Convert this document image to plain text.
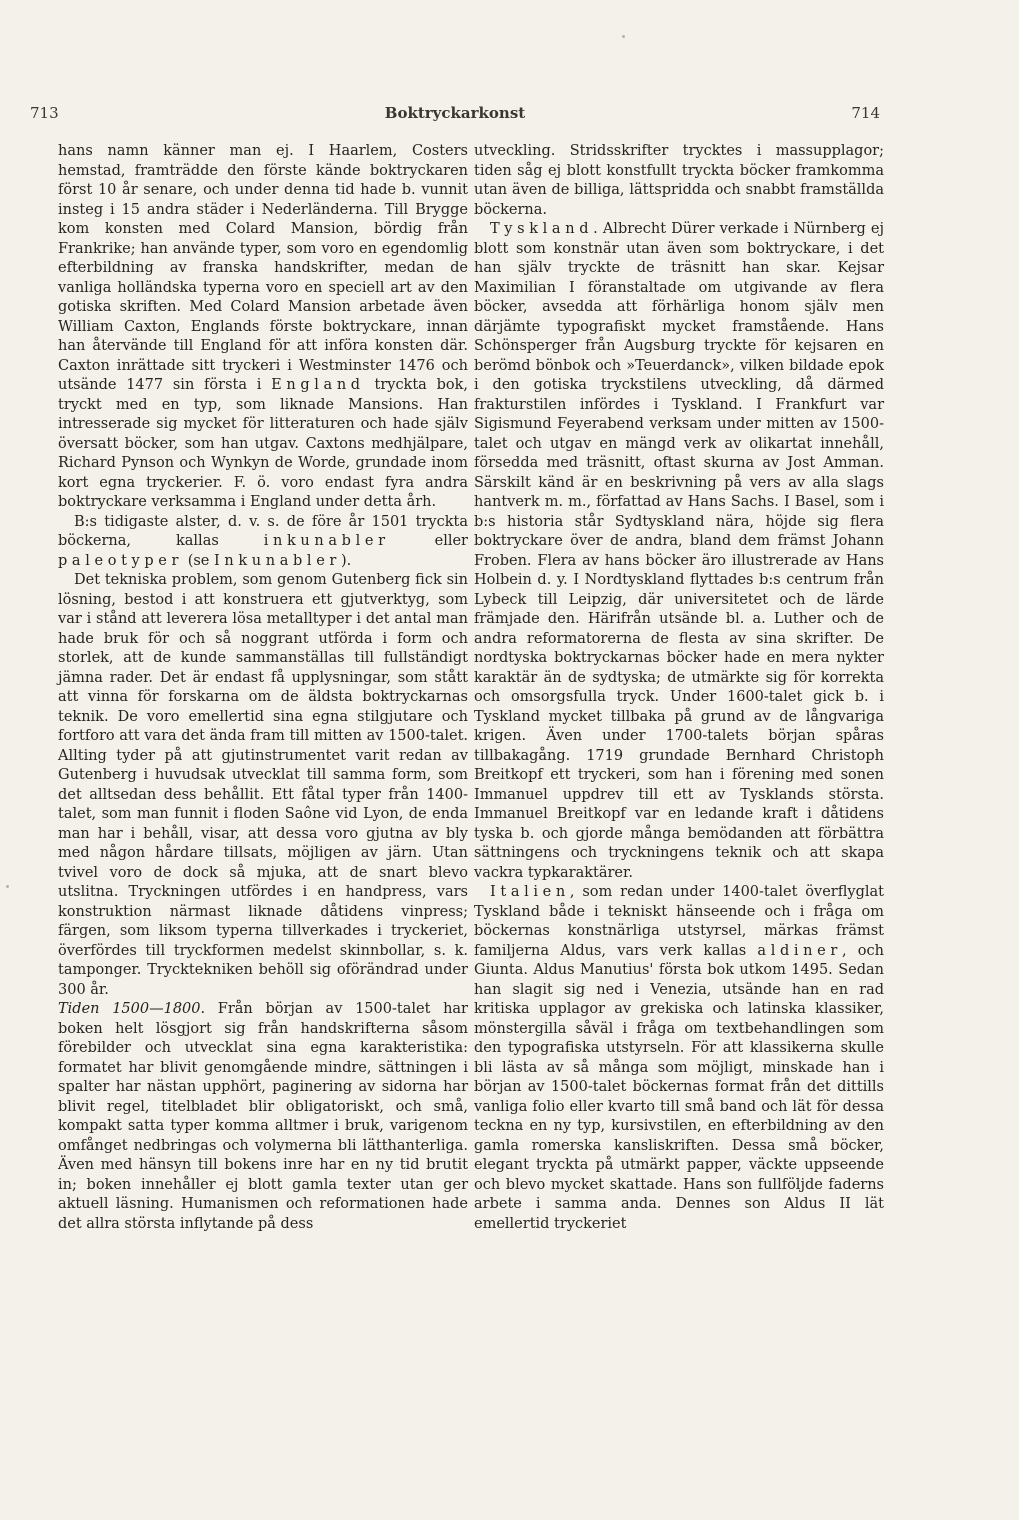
713	Boktryckarkonst	714

hans namn känner man ej. I Haarlem, Costers hemstad, framträdde den förste kände boktryckaren först 10 år senare, och under denna tid hade b. vunnit insteg i 15 andra städer i Nederländerna. Till Brygge kom konsten med Colard Mansion, bördig från Frankrike; han använde typer, som voro en egendomlig efterbildning av franska handskrifter, medan de vanliga holländska typerna voro en speciell art av den gotiska skriften. Med Colard Mansion arbetade även William Caxton, Englands förste boktryckare, innan han återvände till England för att införa konsten där. Caxton inrättade sitt tryckeri i Westminster 1476 och utsände 1477 sin första i England tryckta bok, tryckt med en typ, som liknade Mansions. Han intresserade sig mycket för litteraturen och hade själv översatt böcker, som han utgav. Caxtons medhjälpare, Richard Pynson och Wynkyn de Worde, grundade inom kort egna tryckerier. F. ö. voro endast fyra andra boktryckare verksamma i England under detta årh.

B:s tidigaste alster, d. v. s. de före år 1501 tryckta böckerna, kallas inkunabler eller paleotyper (se Inkunabler).

Det tekniska problem, som genom Gutenberg fick sin lösning, bestod i att konstruera ett gjutverktyg, som var i stånd att leverera lösa metalltyper i det antal man hade bruk för och så noggrant utförda i form och storlek, att de kunde sammanställas till fullständigt jämna rader. Det är endast få upplysningar, som stått att vinna för forskarna om de äldsta boktryckarnas teknik. De voro emellertid sina egna stilgjutare och fortforo att vara det ända fram till mitten av 1500-talet. Allting tyder på att gjutinstrumentet varit redan av Gutenberg i huvudsak utvecklat till samma form, som det alltsedan dess behållit. Ett fåtal typer från 1400-talet, som man funnit i floden Saône vid Lyon, de enda man har i behåll, visar, att dessa voro gjutna av bly med någon hårdare tillsats, möjligen av järn. Utan tvivel voro de dock så mjuka, att de snart blevo utslitna. Tryckningen utfördes i en handpress, vars konstruktion närmast liknade dåtidens vinpress; färgen, som liksom typerna tillverkades i tryckeriet, överfördes till tryckformen medelst skinnbollar, s. k. tamponger. Trycktekniken behöll sig oförändrad under 300 år.

Tiden 1500—1800. Från början av 1500-talet har boken helt lösgjort sig från handskrifterna såsom förebilder och utvecklat sina egna karakteristika: formatet har blivit genomgående mindre, sättningen i spalter har nästan upphört, paginering av sidorna har blivit regel, titelbladet blir obligatoriskt, och små, kompakt satta typer komma alltmer i bruk, varigenom omfånget nedbringas och volymerna bli lätthanterliga. Även med hänsyn till bokens inre har en ny tid brutit in; boken innehåller ej blott gamla texter utan ger aktuell läsning. Humanismen och reformationen hade det allra största inflytande på dess

utveckling. Stridsskrifter trycktes i massupplagor; tiden såg ej blott konstfullt tryckta böcker framkomma utan även de billiga, lättspridda och snabbt framställda böckerna.

Tyskland. Albrecht Dürer verkade i Nürnberg ej blott som konstnär utan även som boktryckare, i det han själv tryckte de träsnitt han skar. Kejsar Maximilian I föranstaltade om utgivande av flera böcker, avsedda att förhärliga honom själv men därjämte typografiskt mycket framstående. Hans Schönsperger från Augsburg tryckte för kejsaren en berömd bönbok och »Teuerdanck», vilken bildade epok i den gotiska tryckstilens utveckling, då därmed frakturstilen infördes i Tyskland. I Frankfurt var Sigismund Feyerabend verksam under mitten av 1500-talet och utgav en mängd verk av olikartat innehåll, försedda med träsnitt, oftast skurna av Jost Amman. Särskilt känd är en beskrivning på vers av alla slags hantverk m. m., författad av Hans Sachs. I Basel, som i b:s historia står Sydtyskland nära, höjde sig flera boktryckare över de andra, bland dem främst Johann Froben. Flera av hans böcker äro illustrerade av Hans Holbein d. y. I Nordtyskland flyttades b:s centrum från Lybeck till Leipzig, där universitetet och de lärde främjade den. Härifrån utsände bl. a. Luther och de andra reformatorerna de flesta av sina skrifter. De nordtyska boktryckarnas böcker hade en mera nykter karaktär än de sydtyska; de utmärkte sig för korrekta och omsorgsfulla tryck. Under 1600-talet gick b. i Tyskland mycket tillbaka på grund av de långvariga krigen. Även under 1700-talets början spåras tillbakagång. 1719 grundade Bernhard Christoph Breitkopf ett tryckeri, som han i förening med sonen Immanuel uppdrev till ett av Tysklands största. Immanuel Breitkopf var en ledande kraft i dåtidens tyska b. och gjorde många bemödanden att förbättra sättningens och tryckningens teknik och att skapa vackra typkaraktärer.

Italien, som redan under 1400-talet överflyglat Tyskland både i tekniskt hänseende och i fråga om böckernas konstnärliga utstyrsel, märkas främst familjerna Aldus, vars verk kallas aldiner, och Giunta. Aldus Manutius' första bok utkom 1495. Sedan han slagit sig ned i Venezia, utsände han en rad kritiska upplagor av grekiska och latinska klassiker, mönstergilla såväl i fråga om textbehandlingen som den typografiska utstyrseln. För att klassikerna skulle bli lästa av så många som möjligt, minskade han i början av 1500-talet böckernas format från det dittills vanliga folio eller kvarto till små band och lät för dessa teckna en ny typ, kursivstilen, en efterbildning av den gamla romerska kansliskriften. Dessa små böcker, elegant tryckta på utmärkt papper, väckte uppseende och blevo mycket skattade. Hans son fullföljde faderns arbete i samma anda. Dennes son Aldus II lät emellertid tryckeriet
